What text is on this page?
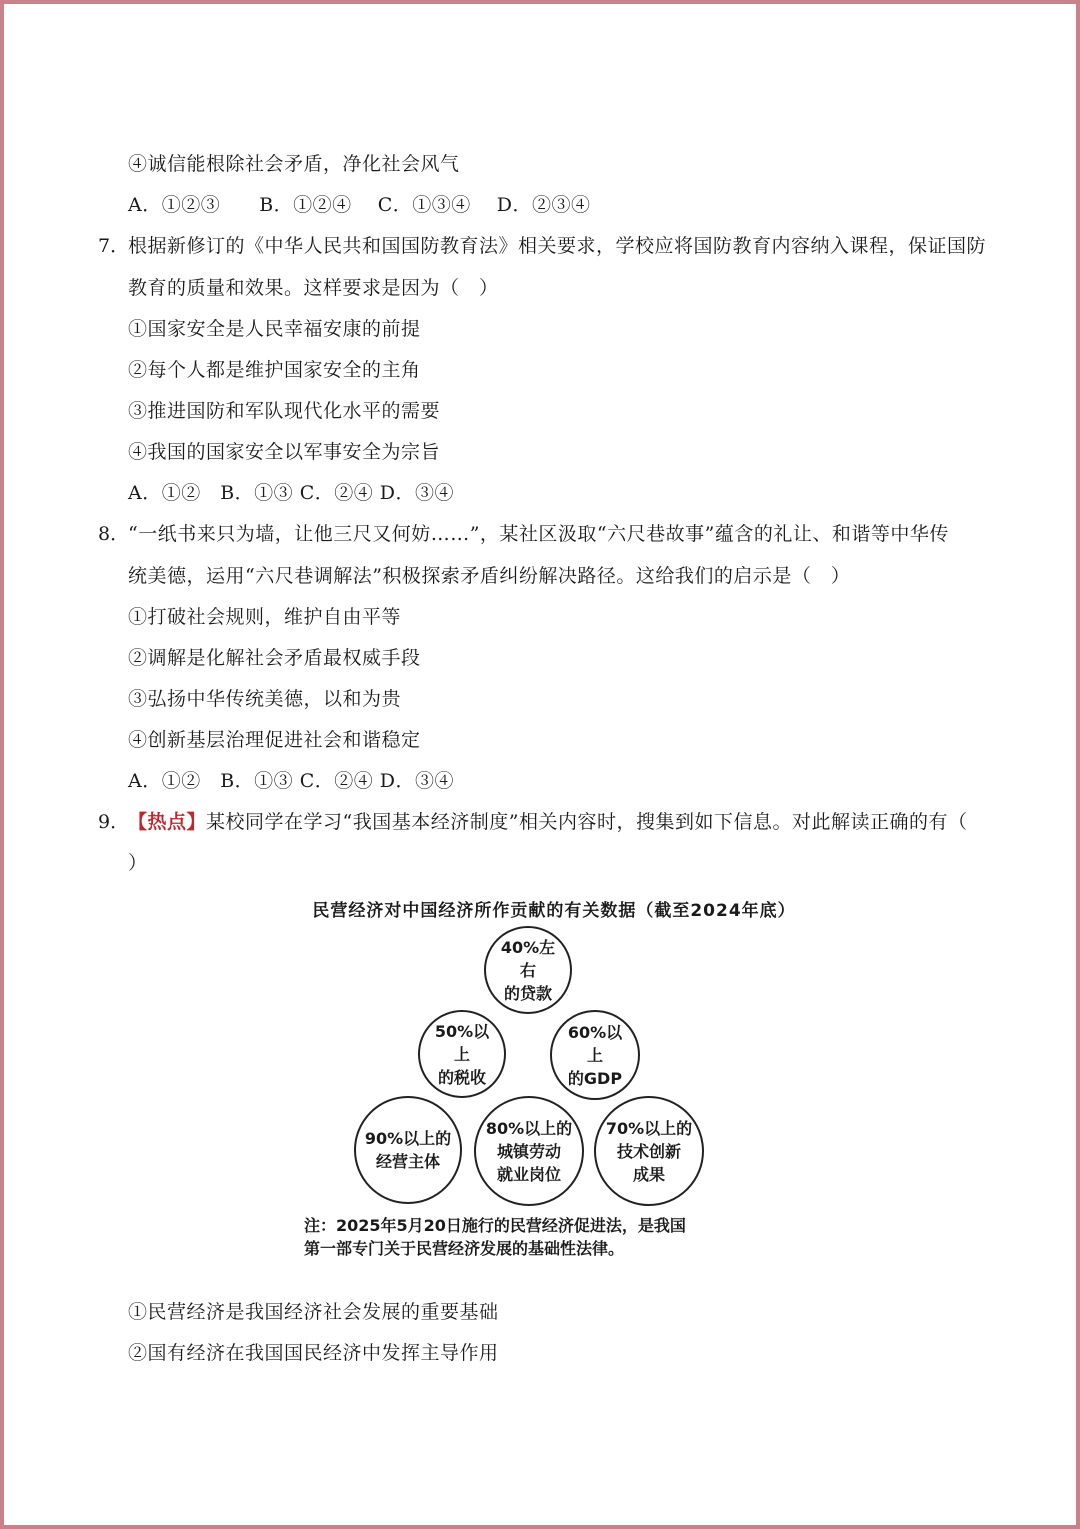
④诚信能根除社会矛盾，净化社会风气
A．①②③　　B．①②④　 C．①③④　 D．②③④
7．
根据新修订的《中华人民共和国国防教育法》相关要求，学校应将国防教育内容纳入课程，保证国防
教育的质量和效果。这样要求是因为（　）
①国家安全是人民幸福安康的前提
②每个人都是维护国家安全的主角
③推进国防和军队现代化水平的需要
④我国的国家安全以军事安全为宗旨
A．①②　B．①③ C．②④ D．③④
8．
“一纸书来只为墙，让他三尺又何妨……”，某社区汲取“六尺巷故事”蕴含的礼让、和谐等中华传
统美德，运用“六尺巷调解法”积极探索矛盾纠纷解决路径。这给我们的启示是（　）
①打破社会规则，维护自由平等
②调解是化解社会矛盾最权威手段
③弘扬中华传统美德，以和为贵
④创新基层治理促进社会和谐稳定
A．①②　B．①③ C．②④ D．③④
9．
【热点】某校同学在学习“我国基本经济制度”相关内容时，搜集到如下信息。对此解读正确的有（
）
民营经济对中国经济所作贡献的有关数据（截至2024年底）
40%左右
的贷款
50%以上
的税收
60%以上
的GDP
90%以上的
经营主体
80%以上的
城镇劳动
就业岗位
70%以上的
技术创新
成果
注：2025年5月20日施行的民营经济促进法，是我国
第一部专门关于民营经济发展的基础性法律。
①民营经济是我国经济社会发展的重要基础
②国有经济在我国国民经济中发挥主导作用
